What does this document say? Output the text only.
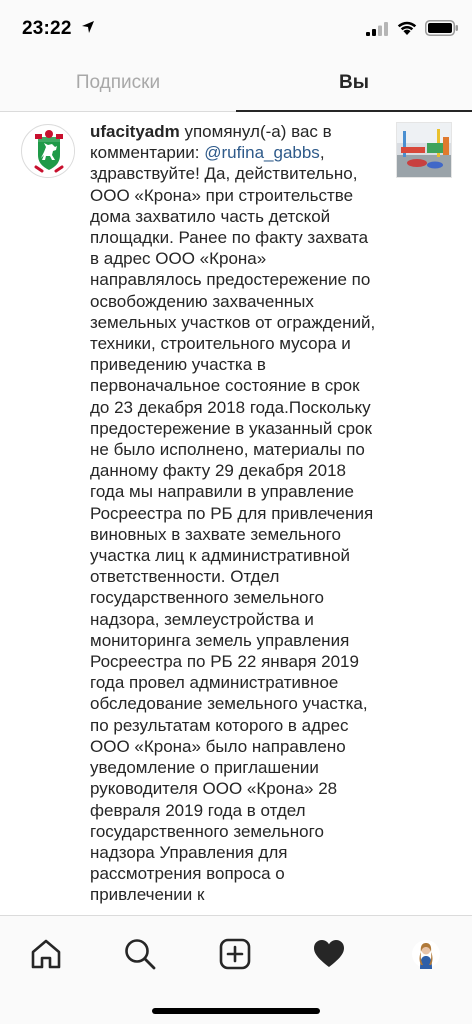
23:22
Подписки	Вы
ufacityadm упомянул(-а) вас в комментарии: @rufina_gabbs, здравствуйте! Да, действительно, ООО «Крона» при строительстве дома захватило часть детской площадки. Ранее по факту захвата в адрес ООО «Крона» направлялось предостережение по освобождению захваченных земельных участков от ограждений, техники, строительного мусора и приведению участка в первоначальное состояние в срок до 23 декабря 2018 года.Поскольку предостережение в указанный срок не было исполнено, материалы по данному факту 29 декабря 2018 года мы направили в управление Росреестра по РБ для привлечения виновных в захвате земельного участка лиц к административной ответственности. Отдел государственного земельного надзора, землеустройства и мониторинга земель управления Росреестра по РБ 22 января 2019 года провел административное обследование земельного участка, по результатам которого в адрес ООО «Крона» было направлено уведомление о приглашении руководителя ООО «Крона» 28 февраля 2019 года в отдел государственного земельного надзора Управления для рассмотрения вопроса о привлечении к
